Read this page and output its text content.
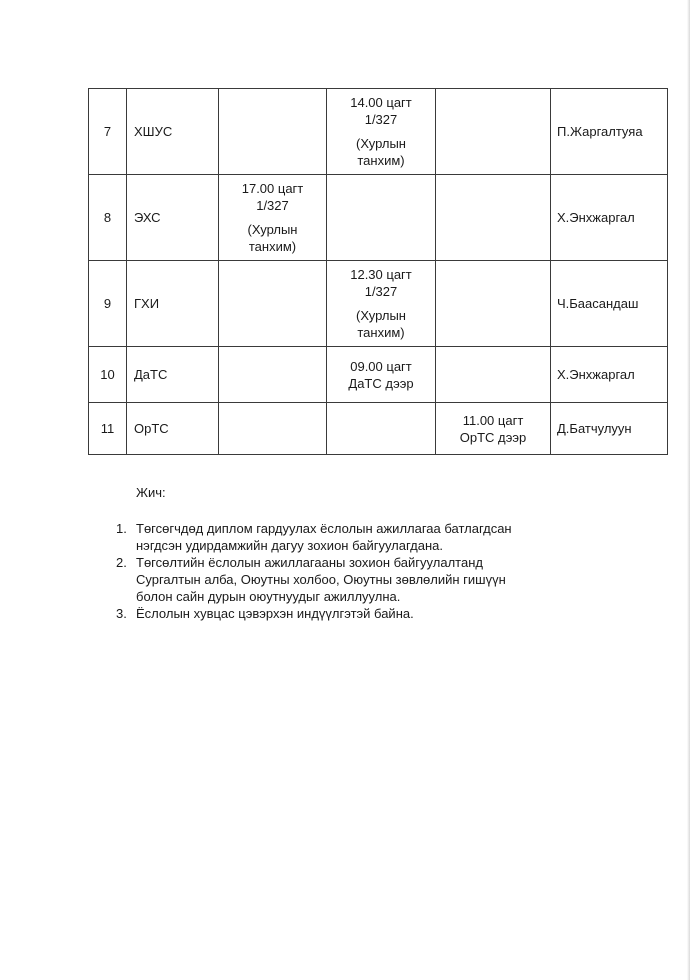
7	ХШУС		14.00 цагт
1/327
(Хурлын
танхим)		П.Жаргалтуяа
8	ЭХС	17.00 цагт
1/327
(Хурлын
танхим)			Х.Энхжаргал
9	ГХИ		12.30 цагт
1/327
(Хурлын
танхим)		Ч.Баасандаш
10	ДаТС		09.00 цагт
ДаТС дээр		Х.Энхжаргал
11	ОрТС			11.00 цагт
ОрТС дээр	Д.Батчулуун
Жич:
1. Төгсөгчдөд диплом гардуулах ёслолын ажиллагаа батлагдсан
нэгдсэн удирдамжийн дагуу зохион байгуулагдана.
2. Төгсөлтийн ёслолын ажиллагааны зохион байгуулалтанд
Сургалтын алба, Оюутны холбоо, Оюутны зөвлөлийн гишүүн
болон сайн дурын оюутнуудыг ажиллуулна.
3. Ёслолын хувцас цэвэрхэн индүүлгэтэй байна.
